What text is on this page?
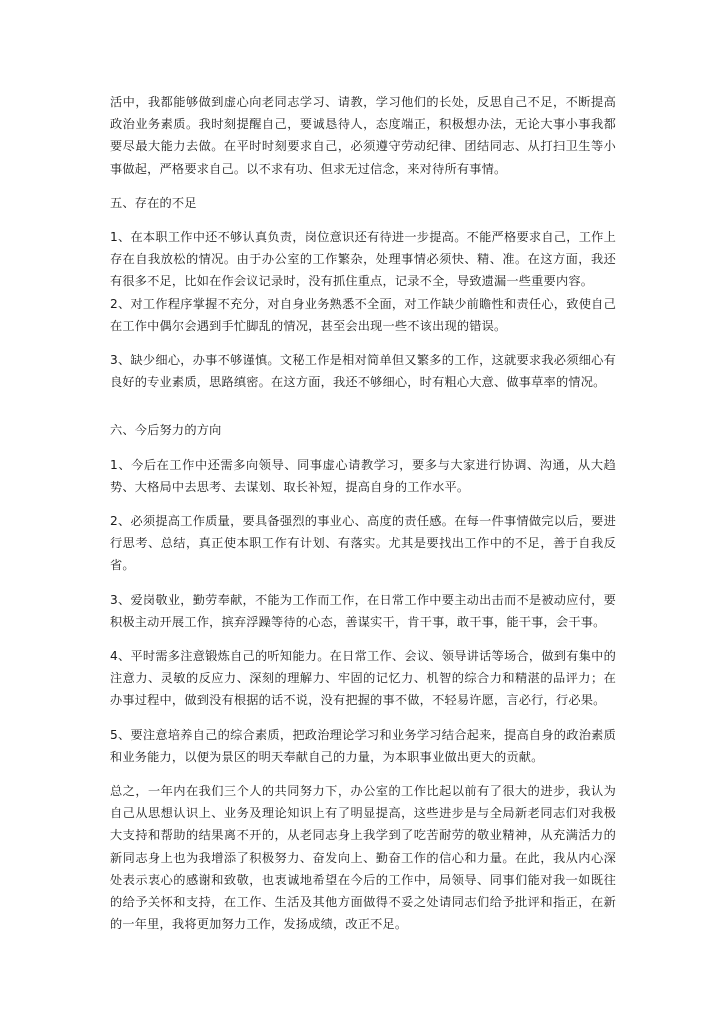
活中，我都能够做到虚心向老同志学习、请教，学习他们的长处，反思自己不足，不断提高政治业务素质。我时刻提醒自己，要诚恳待人，态度端正，积极想办法，无论大事小事我都要尽最大能力去做。在平时时刻要求自己，必须遵守劳动纪律、团结同志、从打扫卫生等小事做起，严格要求自己。以不求有功、但求无过信念，来对待所有事情。

五、存在的不足

1、在本职工作中还不够认真负责，岗位意识还有待进一步提高。不能严格要求自己，工作上存在自我放松的情况。由于办公室的工作繁杂，处理事情必须快、精、准。在这方面，我还有很多不足，比如在作会议记录时，没有抓住重点，记录不全，导致遗漏一些重要内容。

2、对工作程序掌握不充分，对自身业务熟悉不全面，对工作缺少前瞻性和责任心，致使自己在工作中偶尔会遇到手忙脚乱的情况，甚至会出现一些不该出现的错误。

3、缺少细心，办事不够谨慎。文秘工作是相对简单但又繁多的工作，这就要求我必须细心有良好的专业素质，思路缜密。在这方面，我还不够细心，时有粗心大意、做事草率的情况。

六、今后努力的方向

1、今后在工作中还需多向领导、同事虚心请教学习，要多与大家进行协调、沟通，从大趋势、大格局中去思考、去谋划、取长补短，提高自身的工作水平。

2、必须提高工作质量，要具备强烈的事业心、高度的责任感。在每一件事情做完以后，要进行思考、总结，真正使本职工作有计划、有落实。尤其是要找出工作中的不足，善于自我反省。

3、爱岗敬业，勤劳奉献，不能为工作而工作，在日常工作中要主动出击而不是被动应付，要积极主动开展工作，摈弃浮躁等待的心态，善谋实干，肯干事，敢干事，能干事，会干事。

4、平时需多注意锻炼自己的听知能力。在日常工作、会议、领导讲话等场合，做到有集中的注意力、灵敏的反应力、深刻的理解力、牢固的记忆力、机智的综合力和精湛的品评力；在办事过程中，做到没有根据的话不说，没有把握的事不做，不轻易许愿，言必行，行必果。

5、要注意培养自己的综合素质，把政治理论学习和业务学习结合起来，提高自身的政治素质和业务能力，以便为景区的明天奉献自己的力量，为本职事业做出更大的贡献。

总之，一年内在我们三个人的共同努力下，办公室的工作比起以前有了很大的进步，我认为自己从思想认识上、业务及理论知识上有了明显提高，这些进步是与全局新老同志们对我极大支持和帮助的结果离不开的，从老同志身上我学到了吃苦耐劳的敬业精神，从充满活力的新同志身上也为我增添了积极努力、奋发向上、勤奋工作的信心和力量。在此，我从内心深处表示衷心的感谢和致敬，也衷诚地希望在今后的工作中，局领导、同事们能对我一如既往的给予关怀和支持，在工作、生活及其他方面做得不妥之处请同志们给予批评和指正，在新的一年里，我将更加努力工作，发扬成绩，改正不足。
